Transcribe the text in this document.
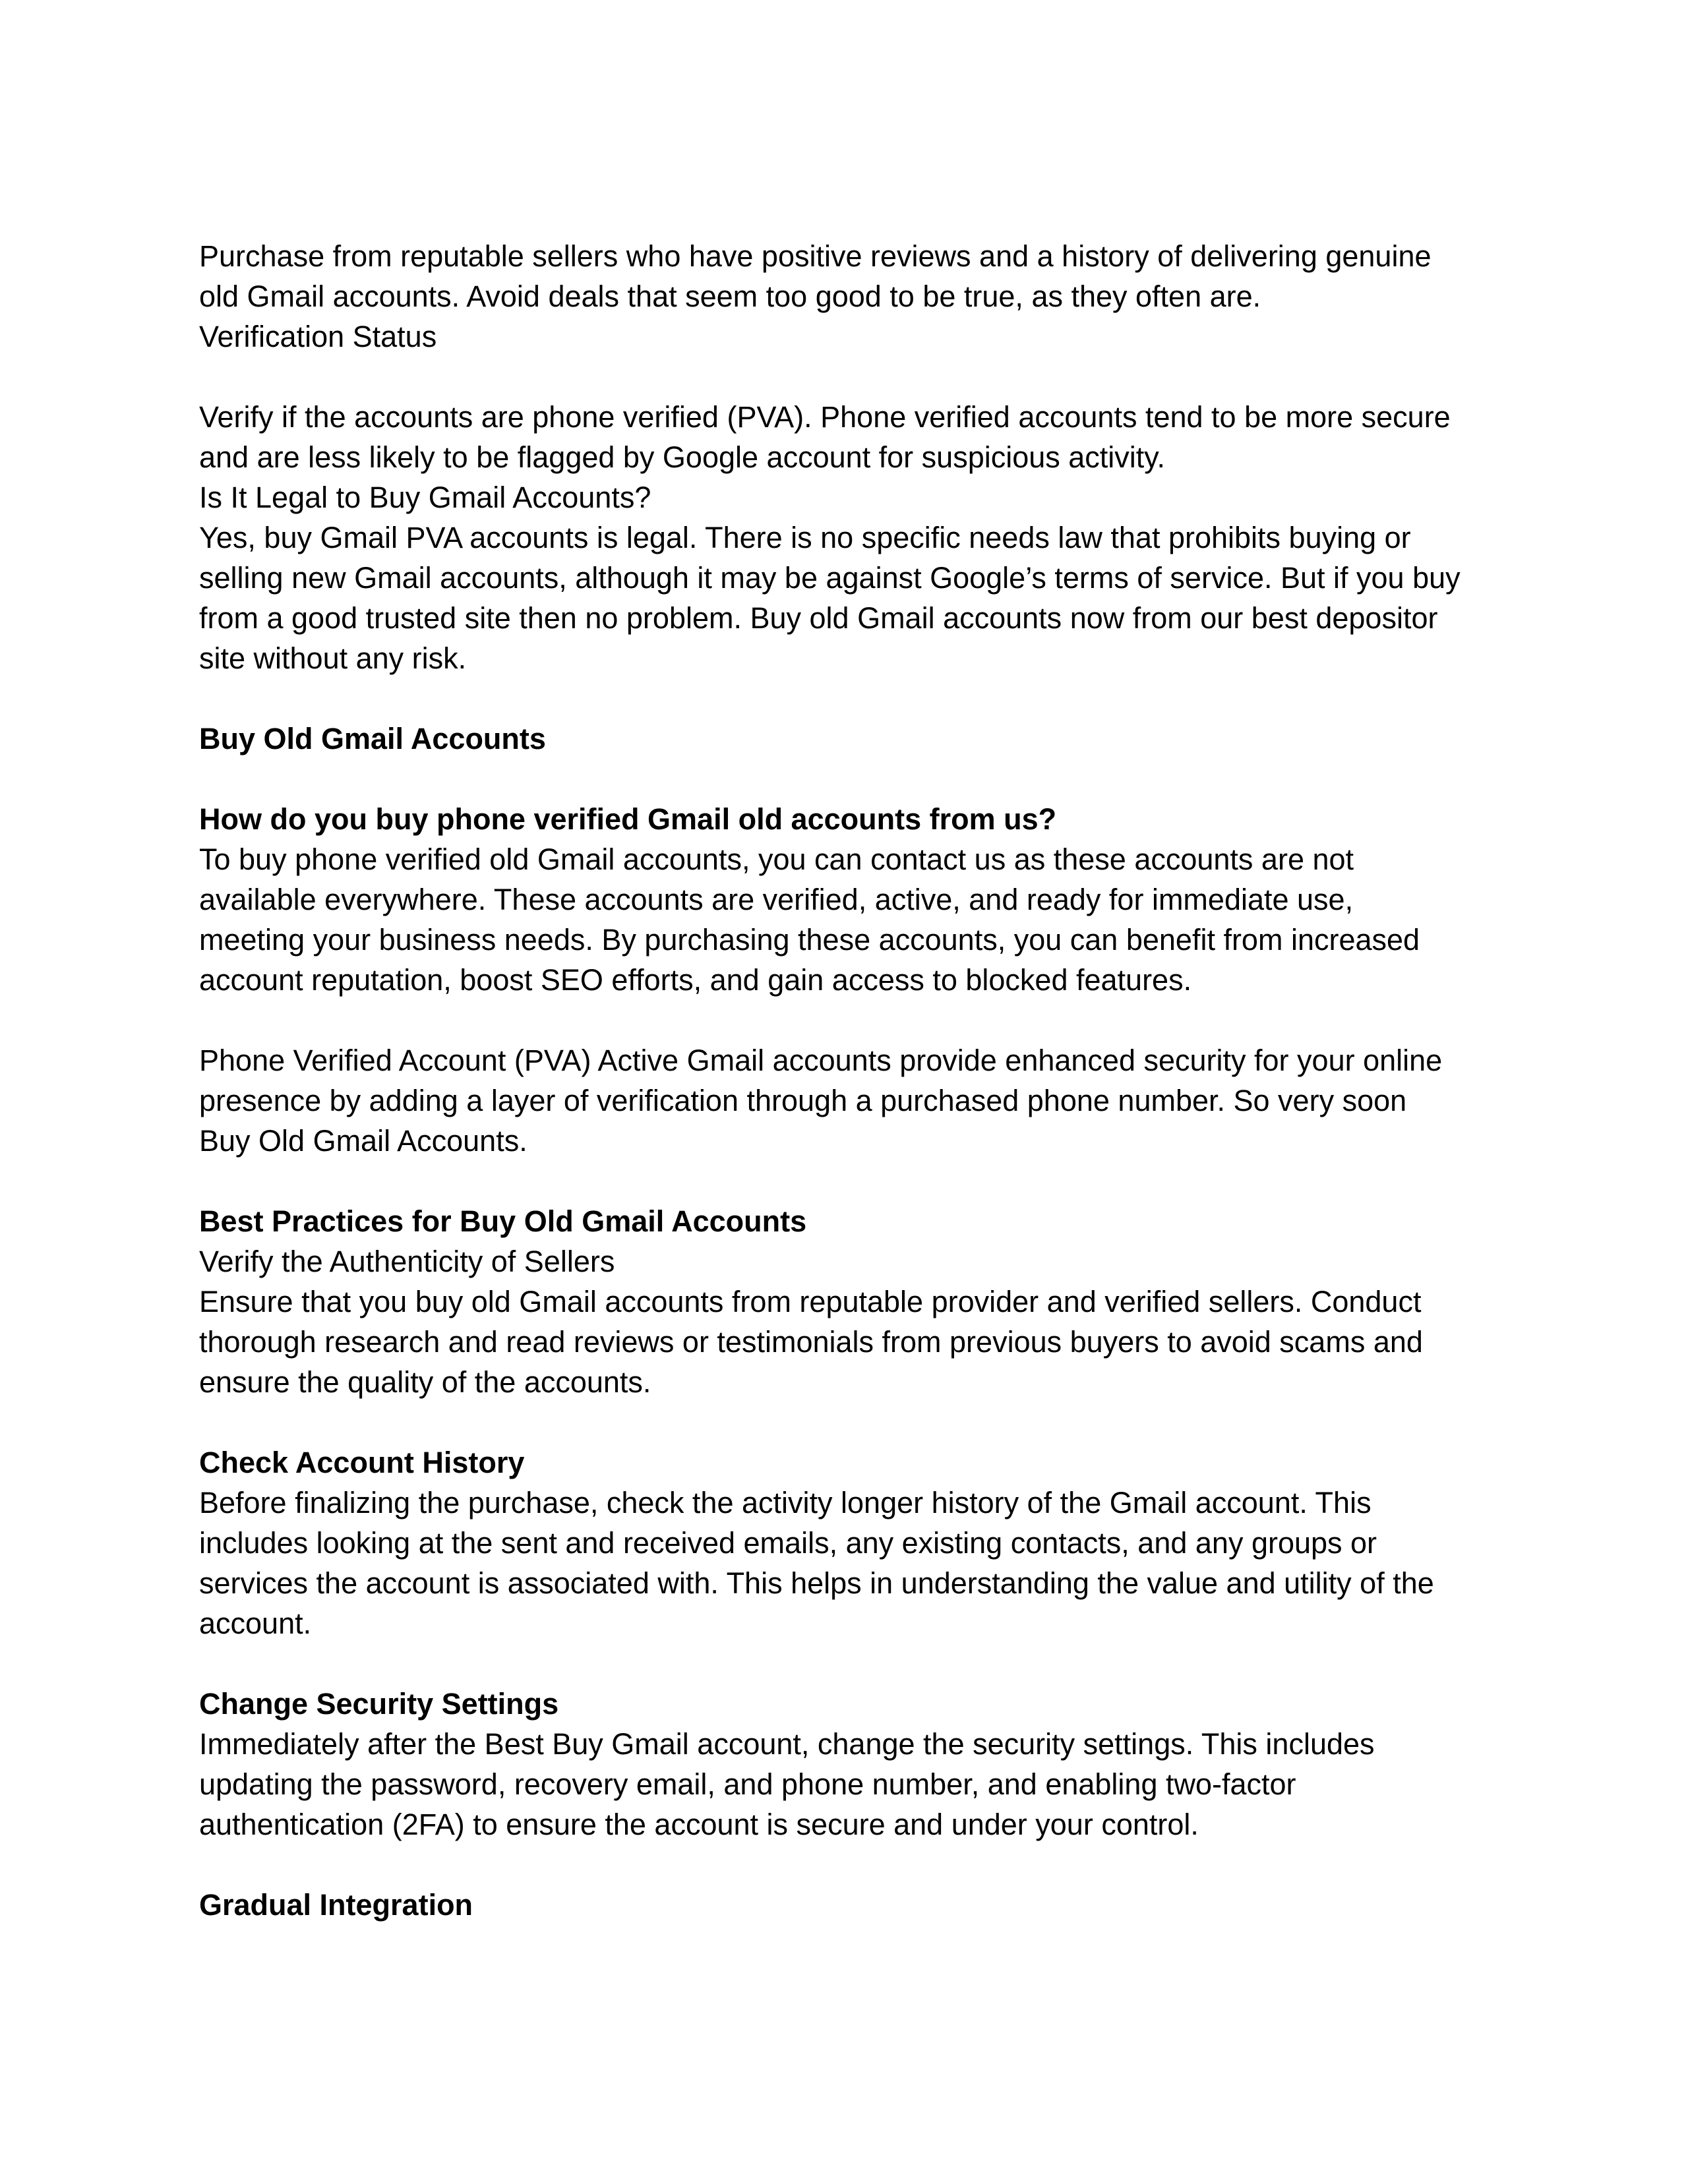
Purchase from reputable sellers who have positive reviews and a history of delivering genuine
old Gmail accounts. Avoid deals that seem too good to be true, as they often are.
Verification Status
Verify if the accounts are phone verified (PVA). Phone verified accounts tend to be more secure
and are less likely to be flagged by Google account for suspicious activity.
Is It Legal to Buy Gmail Accounts?
Yes, buy Gmail PVA accounts is legal. There is no specific needs law that prohibits buying or
selling new Gmail accounts, although it may be against Google’s terms of service. But if you buy
from a good trusted site then no problem. Buy old Gmail accounts now from our best depositor
site without any risk.
Buy Old Gmail Accounts
How do you buy phone verified Gmail old accounts from us?
To buy phone verified old Gmail accounts, you can contact us as these accounts are not
available everywhere. These accounts are verified, active, and ready for immediate use,
meeting your business needs. By purchasing these accounts, you can benefit from increased
account reputation, boost SEO efforts, and gain access to blocked features.
Phone Verified Account (PVA) Active Gmail accounts provide enhanced security for your online
presence by adding a layer of verification through a purchased phone number. So very soon
Buy Old Gmail Accounts.
Best Practices for Buy Old Gmail Accounts
Verify the Authenticity of Sellers
Ensure that you buy old Gmail accounts from reputable provider and verified sellers. Conduct
thorough research and read reviews or testimonials from previous buyers to avoid scams and
ensure the quality of the accounts.
Check Account History
Before finalizing the purchase, check the activity longer history of the Gmail account. This
includes looking at the sent and received emails, any existing contacts, and any groups or
services the account is associated with. This helps in understanding the value and utility of the
account.
Change Security Settings
Immediately after the Best Buy Gmail account, change the security settings. This includes
updating the password, recovery email, and phone number, and enabling two-factor
authentication (2FA) to ensure the account is secure and under your control.
Gradual Integration
